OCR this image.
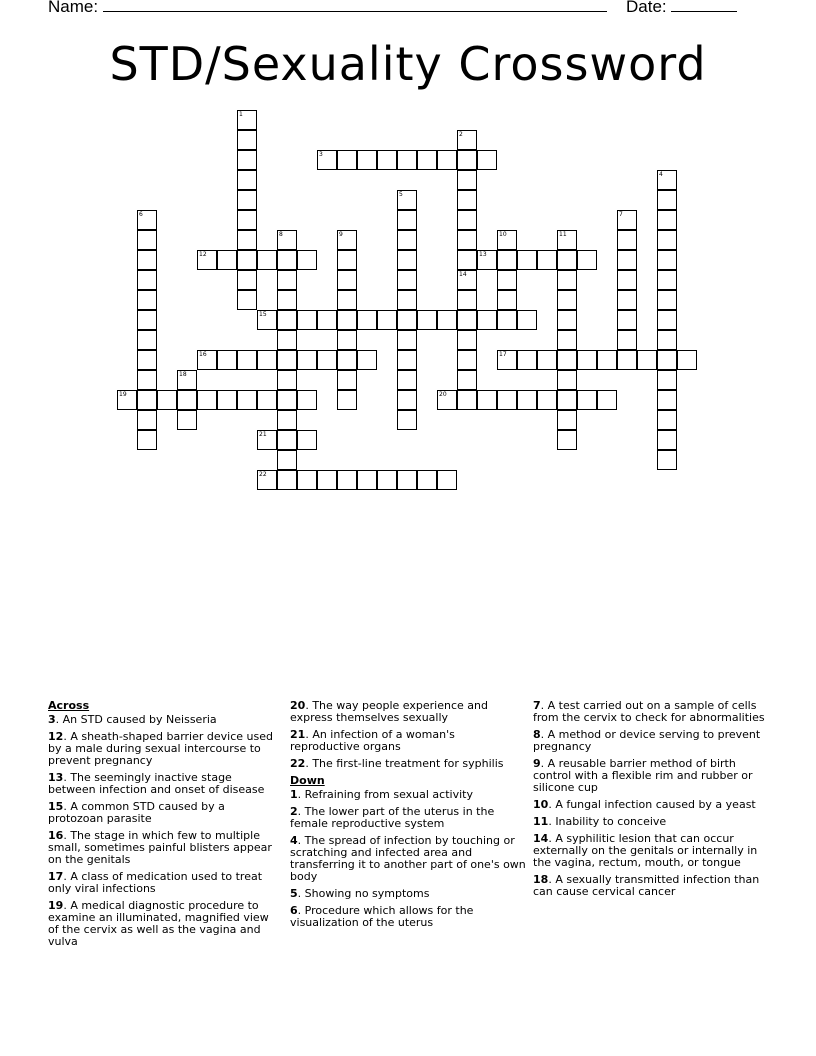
Name:	Date:
STD/Sexuality Crossword
1
2
3
4
5
6	7
8	9	10	11
12	13
14
15
16	17
18
19	20
21
22
Across
3. An STD caused by Neisseria
12. A sheath-shaped barrier device used by a male during sexual intercourse to prevent pregnancy
13. The seemingly inactive stage between infection and onset of disease
15. A common STD caused by a protozoan parasite
16. The stage in which few to multiple small, sometimes painful blisters appear on the genitals
17. A class of medication used to treat only viral infections
19. A medical diagnostic procedure to examine an illuminated, magnified view of the cervix as well as the vagina and vulva
20. The way people experience and express themselves sexually
21. An infection of a woman's reproductive organs
22. The first-line treatment for syphilis
Down
1. Refraining from sexual activity
2. The lower part of the uterus in the female reproductive system
4. The spread of infection by touching or scratching and infected area and transferring it to another part of one's own body
5. Showing no symptoms
6. Procedure which allows for the visualization of the uterus
7. A test carried out on a sample of cells from the cervix to check for abnormalities
8. A method or device serving to prevent pregnancy
9. A reusable barrier method of birth control with a flexible rim and rubber or silicone cup
10. A fungal infection caused by a yeast
11. Inability to conceive
14. A syphilitic lesion that can occur externally on the genitals or internally in the vagina, rectum, mouth, or tongue
18. A sexually transmitted infection than can cause cervical cancer
